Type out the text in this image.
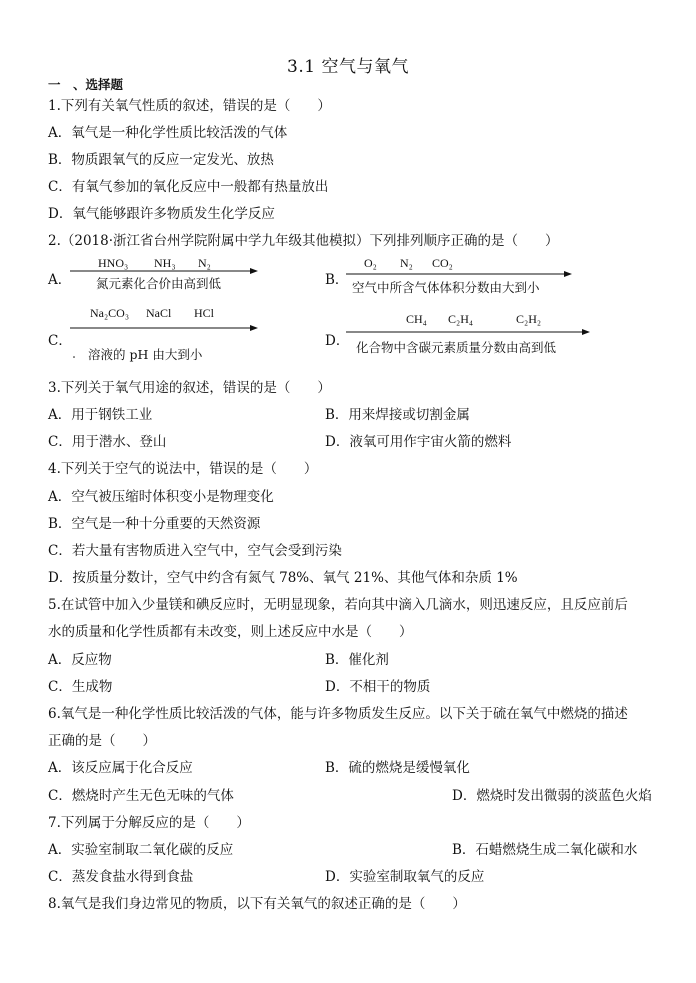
3.1 空气与氧气
一　、选择题
1.下列有关氧气性质的叙述，错误的是（　　）
A．氧气是一种化学性质比较活泼的气体
B．物质跟氧气的反应一定发光、放热
C．有氧气参加的氧化反应中一般都有热量放出
D．氧气能够跟许多物质发生化学反应
2.（2018·浙江省台州学院附属中学九年级其他模拟）下列排列顺序正确的是（　　）
A．
HNO₃ NH₃ N₂
氮元素化合价由高到低	B．
O₂ N₂ CO₂
空气中所含气体体积分数由大到小
C．
Na₂CO₃ NaCl HCl
溶液的 pH 由大到小
D．
CH₄ C₂H₄	C₂H₂
化合物中含碳元素质量分数由高到低
3.下列关于氧气用途的叙述，错误的是（　　）
A．用于钢铁工业	B．用来焊接或切割金属
C．用于潜水、登山	D．液氧可用作宇宙火箭的燃料
4.下列关于空气的说法中，错误的是（　　）
A．空气被压缩时体积变小是物理变化
B．空气是一种十分重要的天然资源
C．若大量有害物质进入空气中，空气会受到污染
D．按质量分数计，空气中约含有氮气 78%、氧气 21%、其他气体和杂质 1%
5.在试管中加入少量镁和碘反应时，无明显现象，若向其中滴入几滴水，则迅速反应，且反应前后
水的质量和化学性质都有未改变，则上述反应中水是（　　）
A．反应物	B．催化剂
C．生成物	D．不相干的物质
6.氧气是一种化学性质比较活泼的气体，能与许多物质发生反应。以下关于硫在氧气中燃烧的描述
正确的是（　　）
A．该反应属于化合反应	B．硫的燃烧是缓慢氧化
C．燃烧时产生无色无味的气体	D．燃烧时发出微弱的淡蓝色火焰
7.下列属于分解反应的是（　　）
A．实验室制取二氧化碳的反应	B．石蜡燃烧生成二氧化碳和水
C．蒸发食盐水得到食盐	D．实验室制取氧气的反应
8.氧气是我们身边常见的物质，以下有关氧气的叙述正确的是（　　）
